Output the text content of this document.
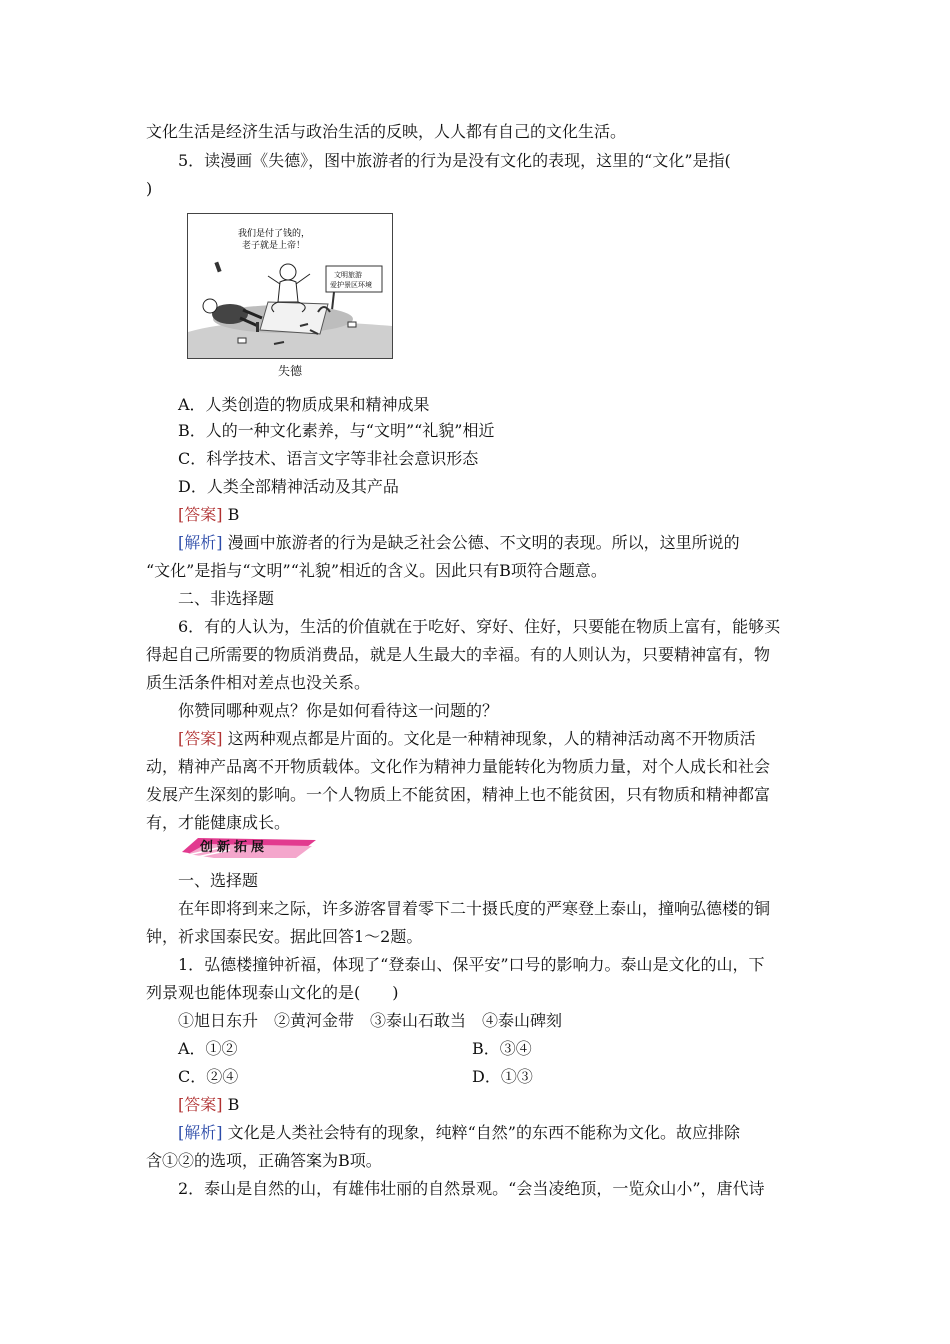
文化生活是经济生活与政治生活的反映，人人都有自己的文化生活。
5．读漫画《失德》，图中旅游者的行为是没有文化的表现，这里的“文化”是指(
)
我们是付了钱的，
老子就是上帝！
文明旅游
爱护景区环境
失德
A．人类创造的物质成果和精神成果
B．人的一种文化素养，与“文明”“礼貌”相近
C．科学技术、语言文字等非社会意识形态
D．人类全部精神活动及其产品
[答案] B
[解析] 漫画中旅游者的行为是缺乏社会公德、不文明的表现。所以，这里所说的
“文化”是指与“文明”“礼貌”相近的含义。因此只有B项符合题意。
二、非选择题
6．有的人认为，生活的价值就在于吃好、穿好、住好，只要能在物质上富有，能够买
得起自己所需要的物质消费品，就是人生最大的幸福。有的人则认为，只要精神富有，物
质生活条件相对差点也没关系。
你赞同哪种观点？你是如何看待这一问题的？
[答案] 这两种观点都是片面的。文化是一种精神现象，人的精神活动离不开物质活
动，精神产品离不开物质载体。文化作为精神力量能转化为物质力量，对个人成长和社会
发展产生深刻的影响。一个人物质上不能贫困，精神上也不能贫困，只有物质和精神都富
有，才能健康成长。
创新拓展
一、选择题
在年即将到来之际，许多游客冒着零下二十摄氏度的严寒登上泰山，撞响弘德楼的铜
钟，祈求国泰民安。据此回答1～2题。
1．弘德楼撞钟祈福，体现了“登泰山、保平安”口号的影响力。泰山是文化的山，下
列景观也能体现泰山文化的是(　　)
①旭日东升　②黄河金带　③泰山石敢当　④泰山碑刻
A．①②	B．③④
C．②④	D．①③
[答案] B
[解析] 文化是人类社会特有的现象，纯粹“自然”的东西不能称为文化。故应排除
含①②的选项，正确答案为B项。
2．泰山是自然的山，有雄伟壮丽的自然景观。“会当凌绝顶，一览众山小”，唐代诗
